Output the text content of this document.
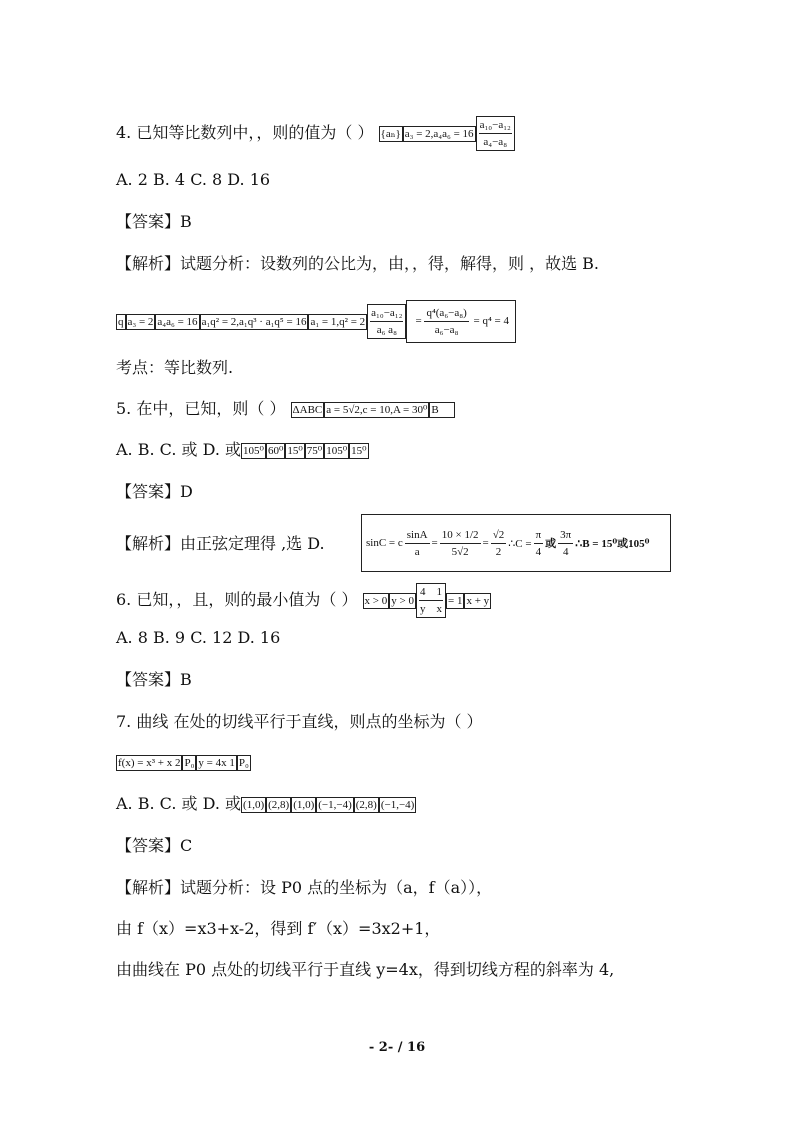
4. 已知等比数列中，，则的值为（ ） {aₙ} $a_3 = 2,a_4a_6 = 16 \frac{\text{a₁₀−a₁₂}}{\text{a₄−a₈}}$
A. 2 B. 4 C. 8 D. 16
【答案】B
【解析】试题分析：设数列的公比为，由，，得，解得，则 ，故选 B.
q a₃ = 2 a₄a₆ = 16 a₁q² = 2,a₁q³ · a₁q⁵ = 16 $a_1 = 1,q^2 = 2 \frac{\text{a₁₀−a₁₂}}{\text{a₆ a₈}} = \frac{\text{q⁴(a₆−a₈)}}{\text{a₆−a₈}} = q^4 = 4$
考点：等比数列.
5. 在中，已知，则（ ） ΔABC a = 5√2,c = 10,A = 30⁰ B
A. B. C. 或 D. 或 105⁰ 60⁰ 15⁰ 75⁰ 105⁰ 15⁰
【答案】D
【解析】由正弦定理得 ,选 D.	sinC = c $\frac{\sin A}{a} = \frac{10 \times 1/2}{5√2} = \frac{√2}{2}$ ∴C = $\frac{\pi}{4}$ 或
3π
4
∴B = 15⁰或105⁰
6. 已知，，且，则的最小值为（ ） x > 0 $y > 0 \frac{4 1}{\text{y    x}} = 1$ x + y
A. 8 B. 9 C. 12 D. 16
【答案】B
7. 曲线 在处的切线平行于直线，则点的坐标为（ ）
f(x) = x³ + x 2 P₀ y = 4x 1 P₀
A. B. C. 或 D. 或 (1,0) (2,8) (1,0) (−1,−4) (2,8) (−1,−4)
【答案】C
【解析】试题分析：设 P0 点的坐标为（a，f（a）），
由 f（x）=x3+x-2，得到 f′（x）=3x2+1，
由曲线在 P0 点处的切线平行于直线 y=4x，得到切线方程的斜率为 4,
- 2- / 16
